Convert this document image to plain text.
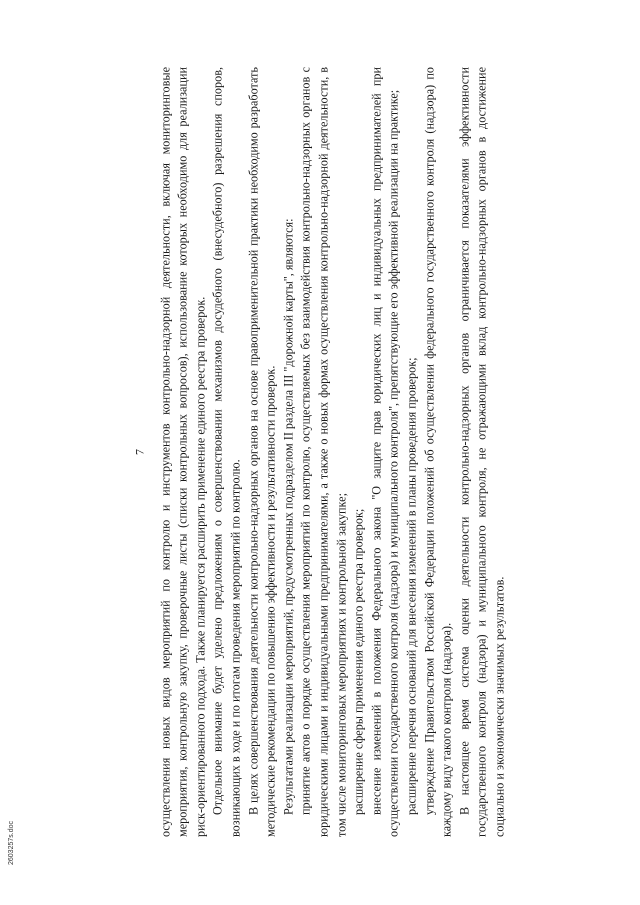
7 осуществления новых видов мероприятий по контролю и инструментов контрольно-надзорной деятельности, включая мониторинговые мероприятия, контрольную закупку, проверочные листы (списки контрольных вопросов), использование которых необходимо для реализации риск-ориентированного подхода. Также планируется расширить применение единого реестра проверок. Отдельное внимание будет уделено предложениям о совершенствовании механизмов досудебного (внесудебного) разрешения споров, возникающих в ходе и по итогам проведения мероприятий по контролю. В целях совершенствования деятельности контрольно-надзорных органов на основе правоприменительной практики необходимо разработать методические рекомендации по повышению эффективности и результативности проверок. Результатами реализации мероприятий, предусмотренных подразделом II раздела III "дорожной карты", являются: принятие актов о порядке осуществления мероприятий по контролю, осуществляемых без взаимодействия контрольно-надзорных органов с юридическими лицами и индивидуальными предпринимателями, а также о новых формах осуществления контрольно-надзорной деятельности, в том числе мониторинговых мероприятиях и контрольной закупке; расширение сферы применения единого реестра проверок; внесение изменений в положения Федерального закона "О защите прав юридических лиц и индивидуальных предпринимателей при осуществлении государственного контроля (надзора) и муниципального контроля", препятствующие его эффективной реализации на практике; расширение перечня оснований для внесения изменений в планы проведения проверок; утверждение Правительством Российской Федерации положений об осуществлении федерального государственного контроля (надзора) по каждому виду такого контроля (надзора). В настоящее время система оценки деятельности контрольно-надзорных органов ограничивается показателями эффективности государственного контроля (надзора) и муниципального контроля, не отражающими вклад контрольно-надзорных органов в достижение социально и экономически значимых результатов.

2603257s.doc
